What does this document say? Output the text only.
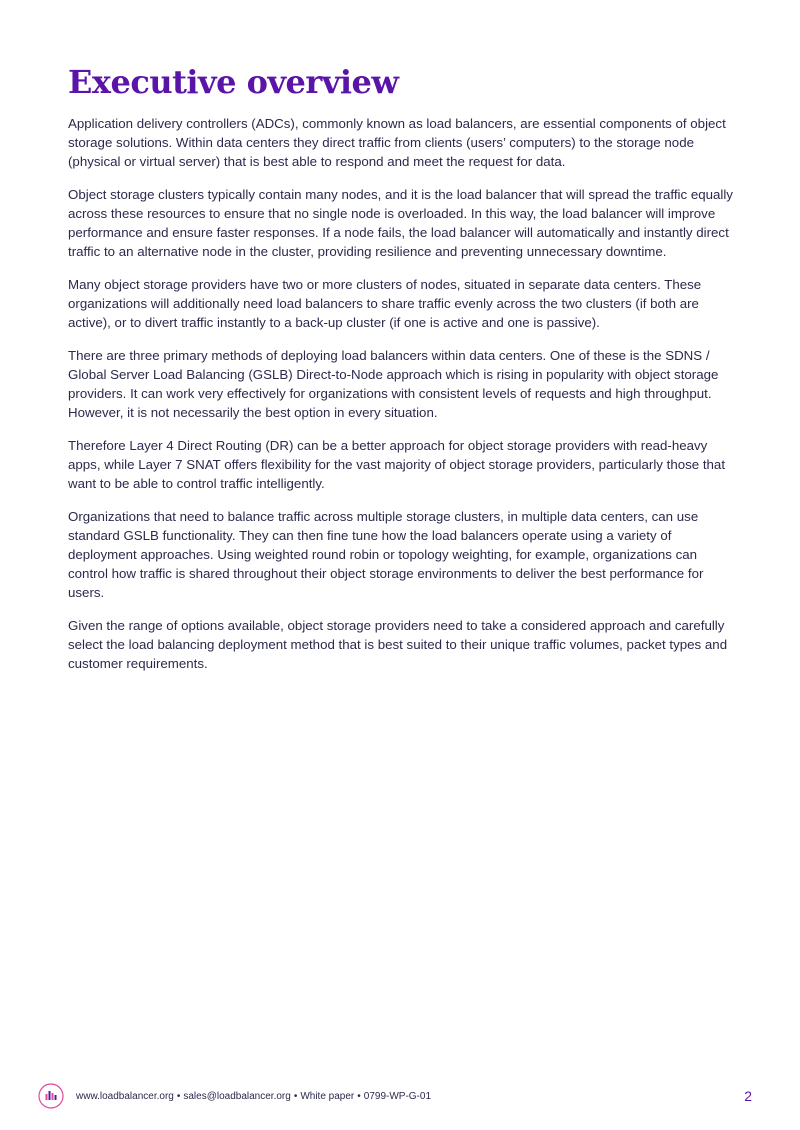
Executive overview

Application delivery controllers (ADCs), commonly known as load balancers, are essential components of object storage solutions. Within data centers they direct traffic from clients (users’ computers) to the storage node (physical or virtual server) that is best able to respond and meet the request for data.

Object storage clusters typically contain many nodes, and it is the load balancer that will spread the traffic equally across these resources to ensure that no single node is overloaded. In this way, the load balancer will improve performance and ensure faster responses. If a node fails, the load balancer will automatically and instantly direct traffic to an alternative node in the cluster, providing resilience and preventing unnecessary downtime.

Many object storage providers have two or more clusters of nodes, situated in separate data centers. These organizations will additionally need load balancers to share traffic evenly across the two clusters (if both are active), or to divert traffic instantly to a back-up cluster (if one is active and one is passive).

There are three primary methods of deploying load balancers within data centers. One of these is the SDNS / Global Server Load Balancing (GSLB) Direct-to-Node approach which is rising in popularity with object storage providers. It can work very effectively for organizations with consistent levels of requests and high throughput. However, it is not necessarily the best option in every situation.

Therefore Layer 4 Direct Routing (DR) can be a better approach for object storage providers with read-heavy apps, while Layer 7 SNAT offers flexibility for the vast majority of object storage providers, particularly those that want to be able to control traffic intelligently.

Organizations that need to balance traffic across multiple storage clusters, in multiple data centers, can use standard GSLB functionality. They can then fine tune how the load balancers operate using a variety of deployment approaches. Using weighted round robin or topology weighting, for example, organizations can control how traffic is shared throughout their object storage environments to deliver the best performance for users.

Given the range of options available, object storage providers need to take a considered approach and carefully select the load balancing deployment method that is best suited to their unique traffic volumes, packet types and customer requirements.

www.loadbalancer.org • sales@loadbalancer.org • White paper • 0799-WP-G-01	2
